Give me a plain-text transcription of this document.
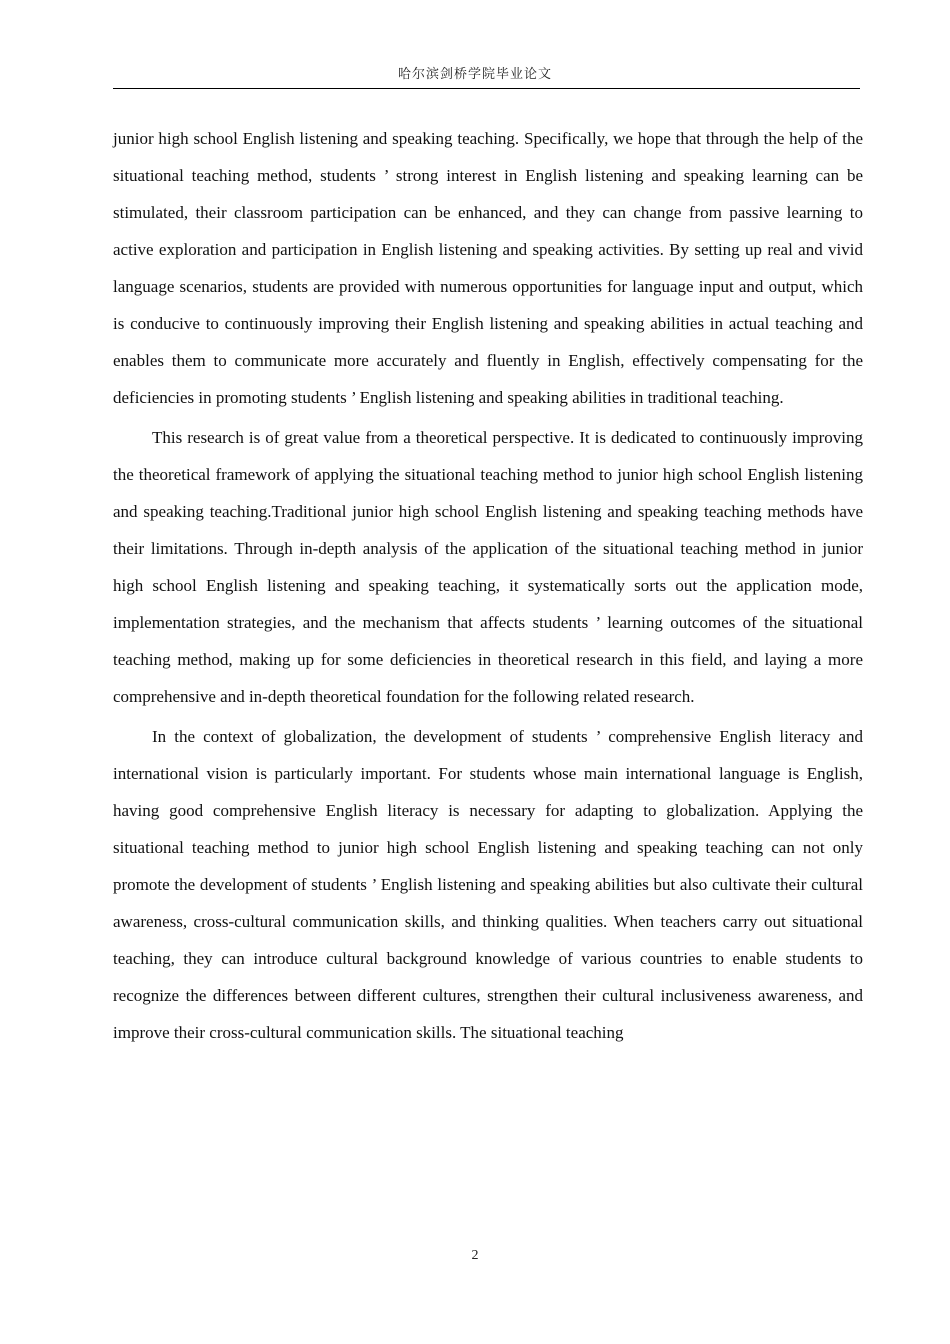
哈尔滨剑桥学院毕业论文

junior high school English listening and speaking teaching. Specifically, we hope that through the help of the situational teaching method, students ’ strong interest in English listening and speaking learning can be stimulated, their classroom participation can be enhanced, and they can change from passive learning to active exploration and participation in English listening and speaking activities. By setting up real and vivid language scenarios, students are provided with numerous opportunities for language input and output, which is conducive to continuously improving their English listening and speaking abilities in actual teaching and enables them to communicate more accurately and fluently in English, effectively compensating for the deficiencies in promoting students ’ English listening and speaking abilities in traditional teaching.

This research is of great value from a theoretical perspective. It is dedicated to continuously improving the theoretical framework of applying the situational teaching method to junior high school English listening and speaking teaching.Traditional junior high school English listening and speaking teaching methods have their limitations. Through in-depth analysis of the application of the situational teaching method in junior high school English listening and speaking teaching, it systematically sorts out the application mode, implementation strategies, and the mechanism that affects students ’ learning outcomes of the situational teaching method, making up for some deficiencies in theoretical research in this field, and laying a more comprehensive and in-depth theoretical foundation for the following related research.

In the context of globalization, the development of students ’ comprehensive English literacy and international vision is particularly important. For students whose main international language is English, having good comprehensive English literacy is necessary for adapting to globalization. Applying the situational teaching method to junior high school English listening and speaking teaching can not only promote the development of students ’ English listening and speaking abilities but also cultivate their cultural awareness, cross-cultural communication skills, and thinking qualities. When teachers carry out situational teaching, they can introduce cultural background knowledge of various countries to enable students to recognize the differences between different cultures, strengthen their cultural inclusiveness awareness, and improve their cross-cultural communication skills. The situational teaching

2
